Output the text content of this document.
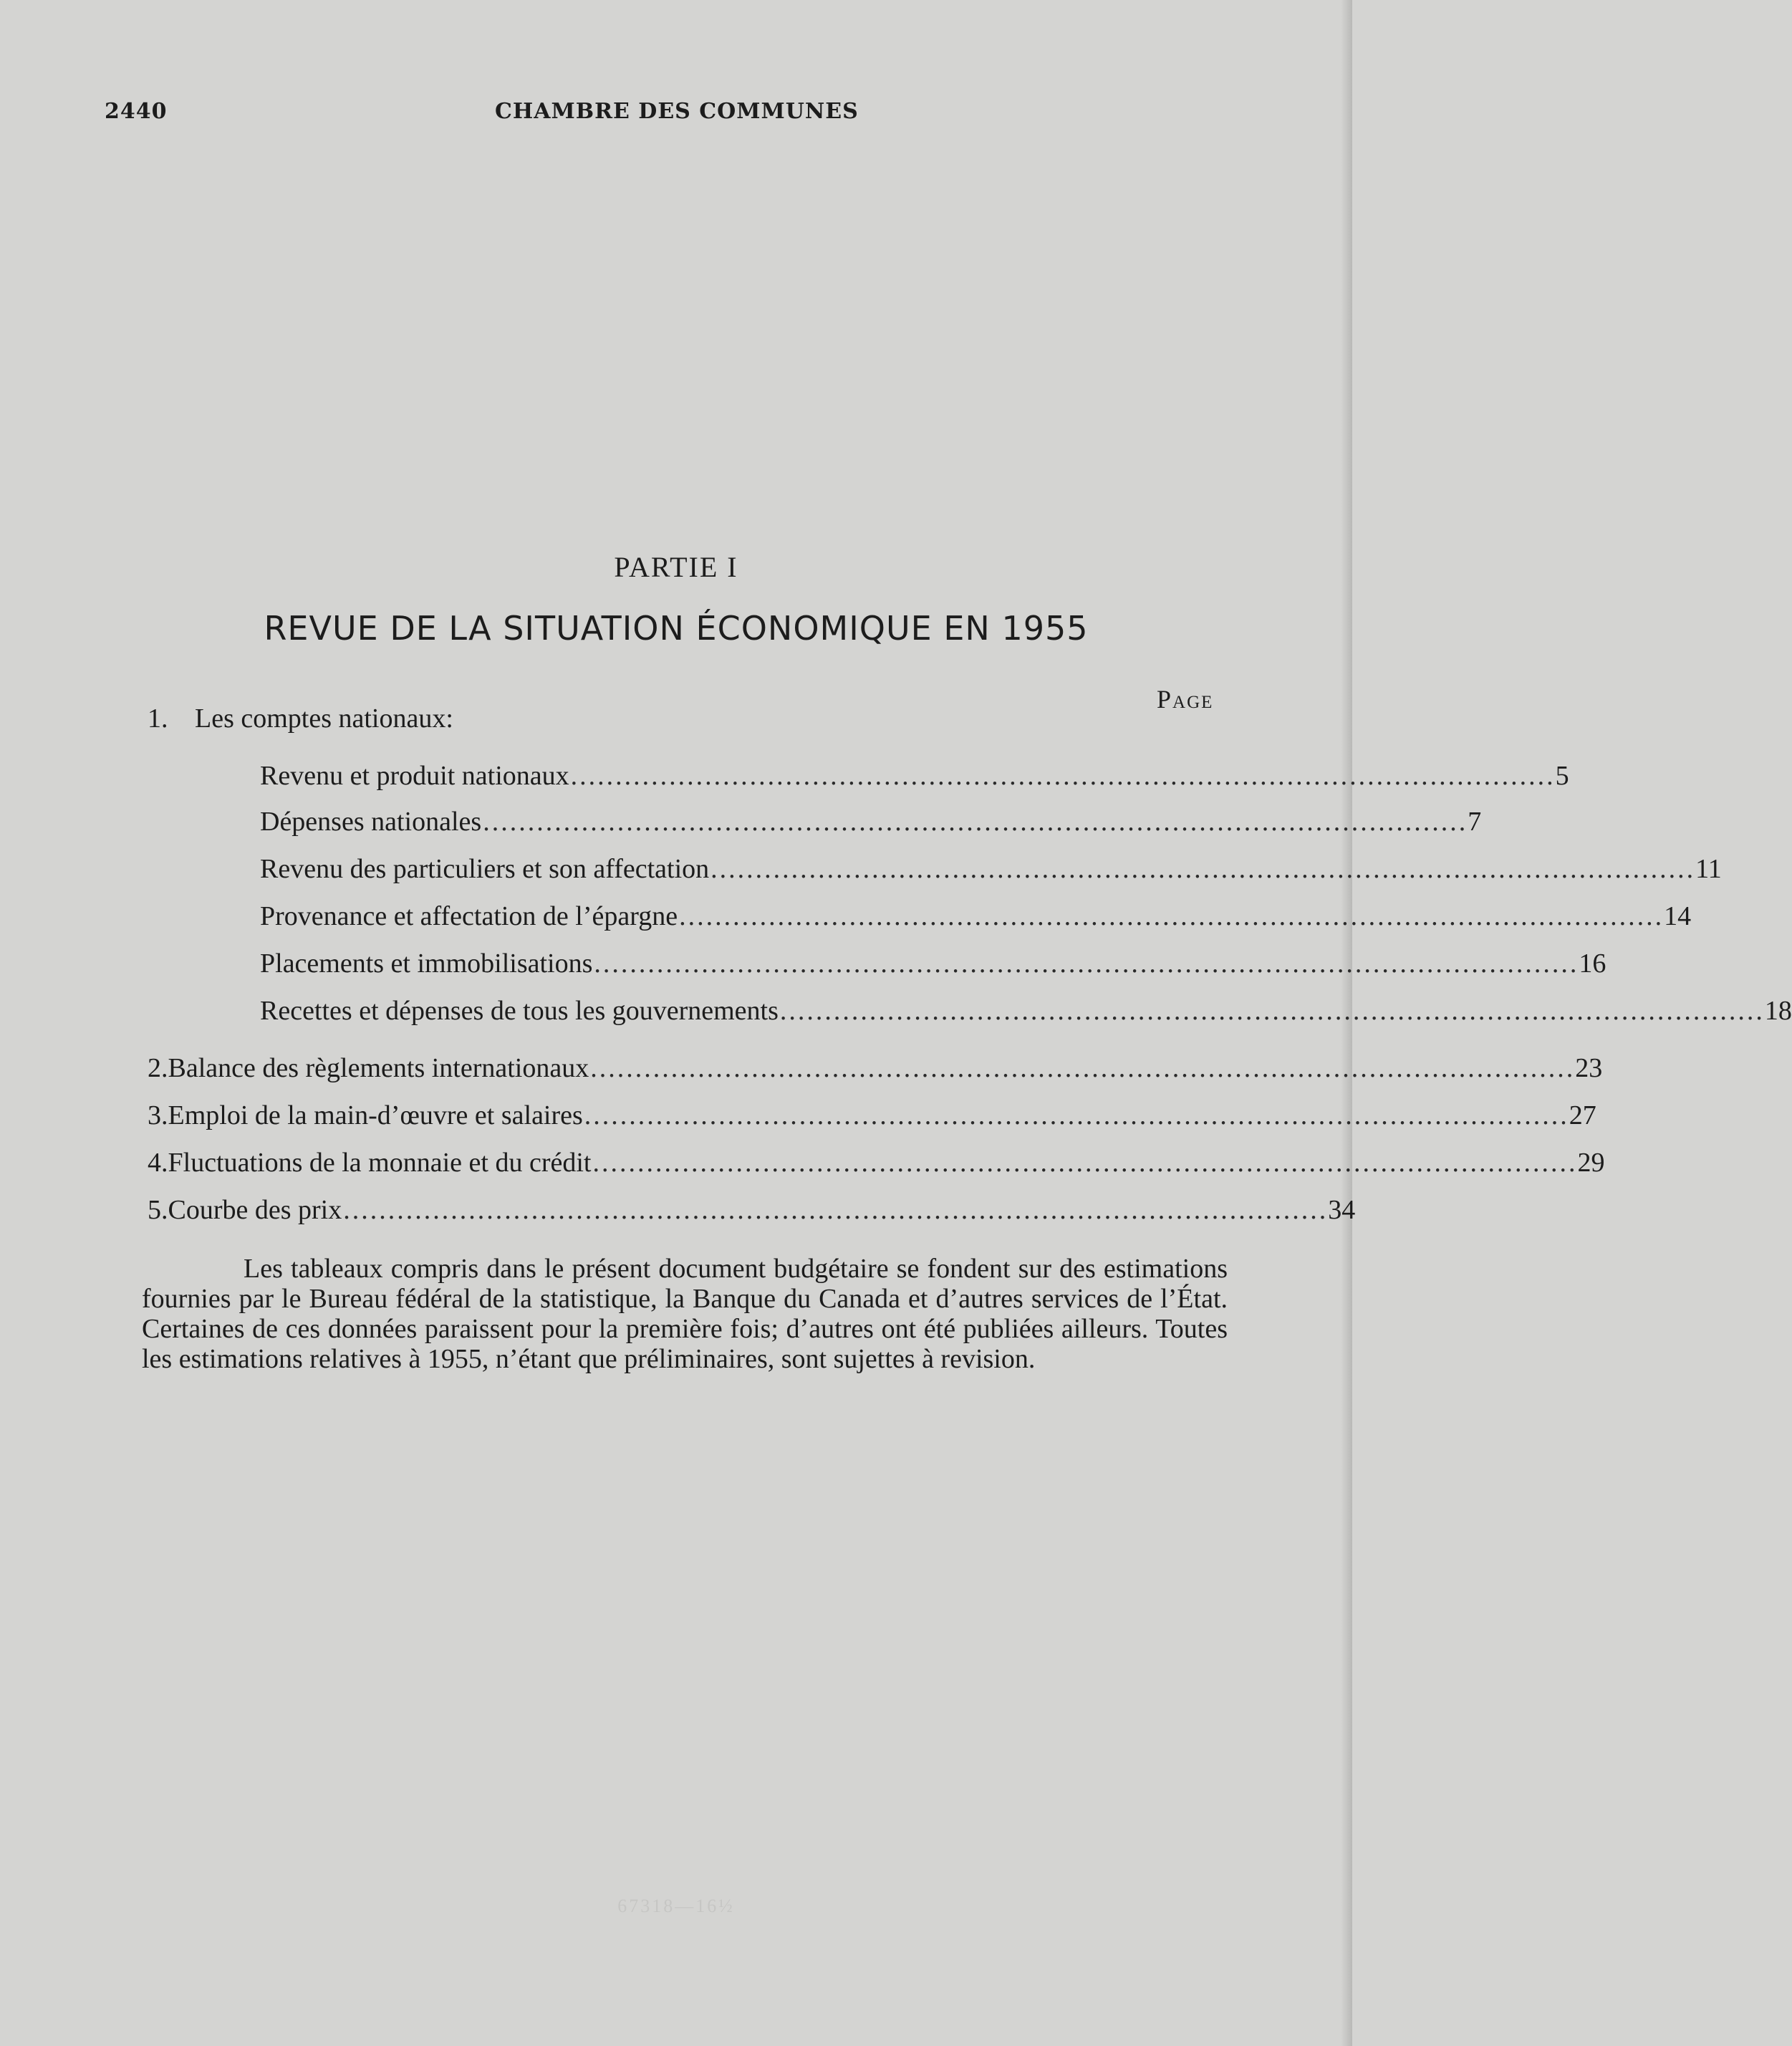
2440	CHAMBRE DES COMMUNES
PARTIE I
REVUE DE LA SITUATION ÉCONOMIQUE EN 1955
Page
1. Les comptes nationaux:
Revenu et produit nationaux .............................................................................................................. 5
Dépenses nationales .............................................................................................................. 7
Revenu des particuliers et son affectation .............................................................................................................. 11
Provenance et affectation de l’épargne .............................................................................................................. 14
Placements et immobilisations .............................................................................................................. 16
Recettes et dépenses de tous les gouvernements .............................................................................................................. 18
2. Balance des règlements internationaux .............................................................................................................. 23
3. Emploi de la main-d’œuvre et salaires .............................................................................................................. 27
4. Fluctuations de la monnaie et du crédit .............................................................................................................. 29
5. Courbe des prix .............................................................................................................. 34

Les tableaux compris dans le présent document budgétaire se fondent sur des estimations fournies par le Bureau fédéral de la statistique, la Banque du Canada et d’autres services de l’État. Certaines de ces données paraissent pour la première fois; d’autres ont été publiées ailleurs. Toutes les estimations relatives à 1955, n’étant que préliminaires, sont sujettes à revision.

67318—16½
